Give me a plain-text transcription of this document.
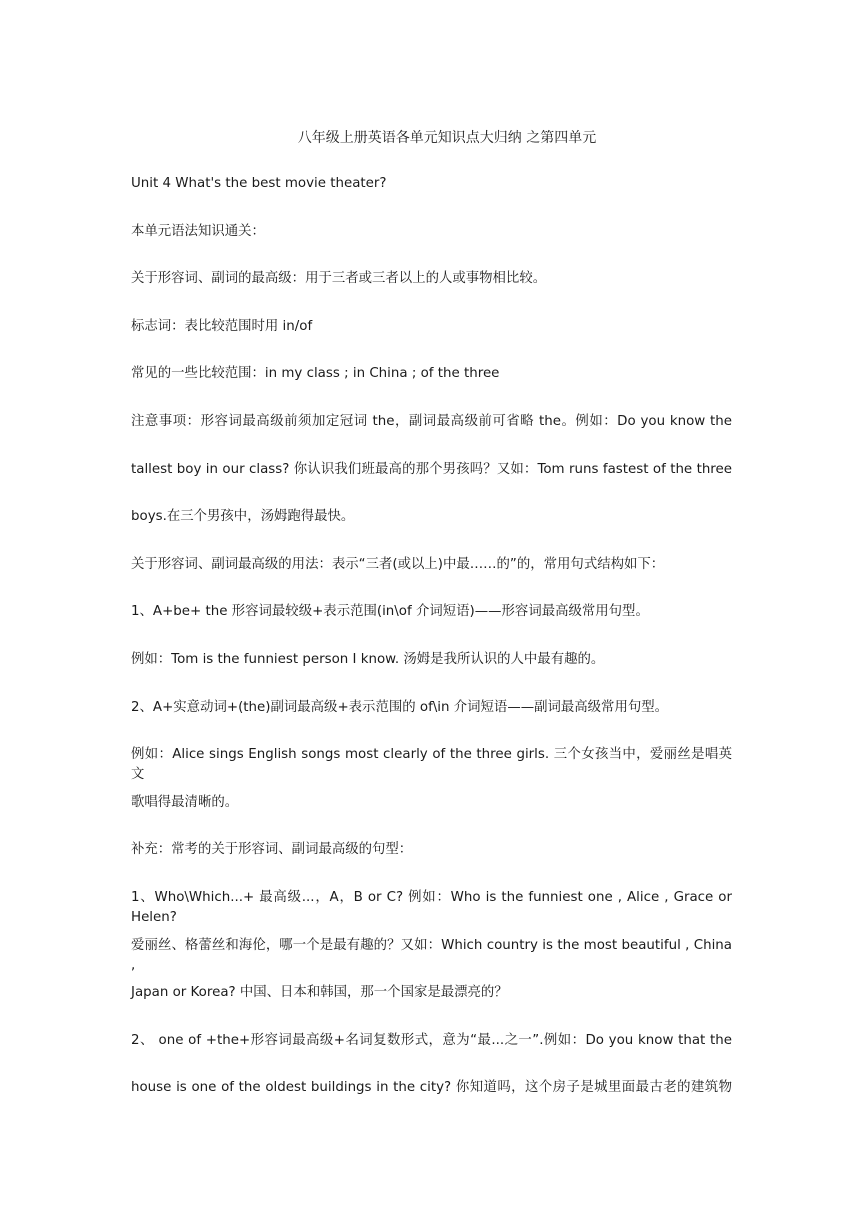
八年级上册英语各单元知识点大归纳 之第四单元

Unit 4 What's the best movie theater?

本单元语法知识通关：

关于形容词、副词的最高级：用于三者或三者以上的人或事物相比较。

标志词：表比较范围时用 in/of

常见的一些比较范围：in my class ; in China ; of the three

注意事项：形容词最高级前须加定冠词 the，副词最高级前可省略 the。例如：Do you know the

tallest boy in our class? 你认识我们班最高的那个男孩吗？又如：Tom runs fastest of the three

boys.在三个男孩中，汤姆跑得最快。

关于形容词、副词最高级的用法：表示“三者(或以上)中最……的”的，常用句式结构如下：

1、A+be+ the 形容词最较级+表示范围(in\of 介词短语)——形容词最高级常用句型。

例如：Tom is the funniest person I know. 汤姆是我所认识的人中最有趣的。

2、A+实意动词+(the)副词最高级+表示范围的 of\in 介词短语——副词最高级常用句型。

例如：Alice sings English songs most clearly of the three girls. 三个女孩当中，爱丽丝是唱英文

歌唱得最清晰的。

补充：常考的关于形容词、副词最高级的句型：

1、Who\Which...+ 最高级...，A，B or C? 例如：Who is the funniest one , Alice , Grace or Helen?

爱丽丝、格蕾丝和海伦，哪一个是最有趣的？又如：Which country is the most beautiful , China ,

Japan or Korea? 中国、日本和韩国，那一个国家是最漂亮的？

2、 one of +the+形容词最高级+名词复数形式，意为“最...之一”.例如：Do you know that the

house is one of the oldest buildings in the city? 你知道吗，这个房子是城里面最古老的建筑物
